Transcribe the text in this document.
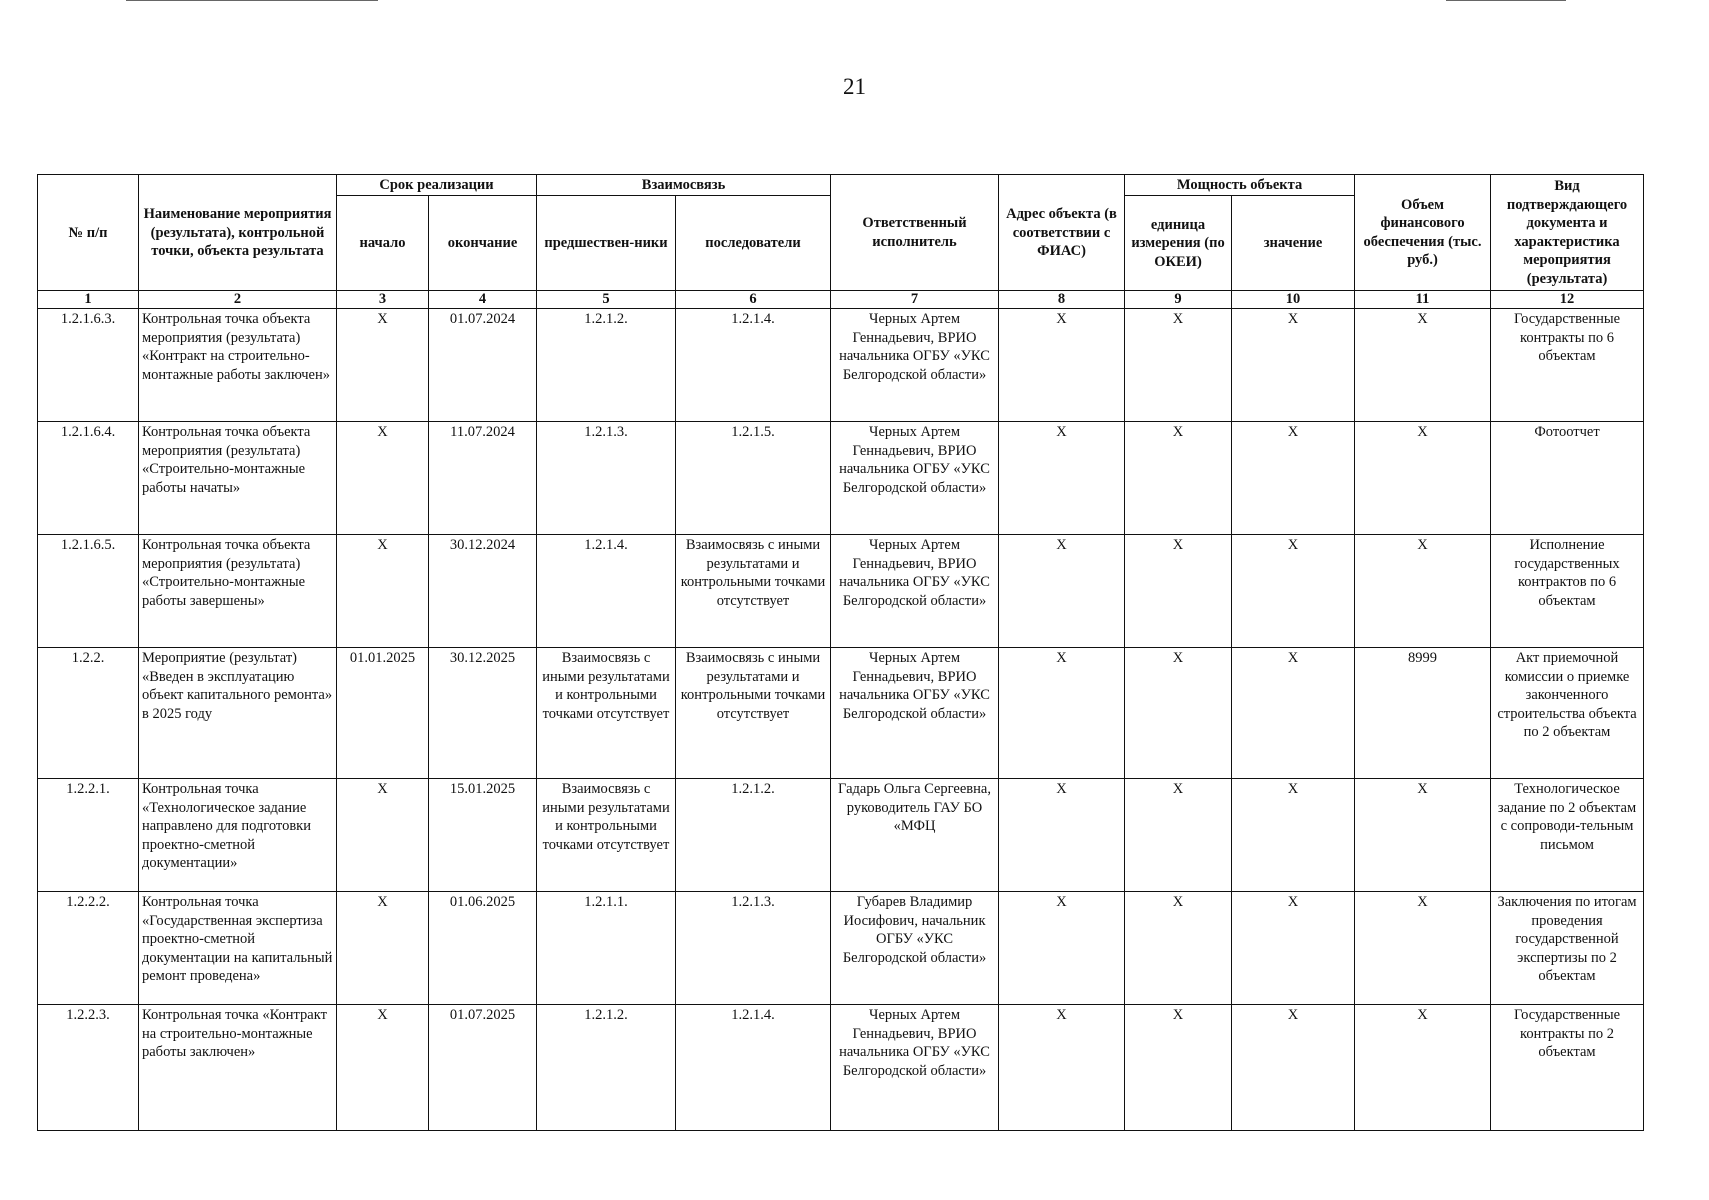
21
№ п/п	Наименование мероприятия (результата), контрольной точки, объекта результата	Срок реализации		Взаимосвязь		Ответственный исполнитель	Адрес объекта (в соответствии с ФИАС)	Мощность объекта		Объем финансового обеспечения (тыс. руб.)	Вид подтверждающего документа и характеристика мероприятия (результата)
		начало	окончание	предшествен-ники	последователи			единица измерения (по ОКЕИ)	значение		
1	2	3	4	5	6	7	8	9	10	11	12
1.2.1.6.3.	Контрольная точка объекта мероприятия (результата) «Контракт на строительно-монтажные работы заключен»	X	01.07.2024	1.2.1.2.	1.2.1.4.	Черных Артем Геннадьевич, ВРИО начальника ОГБУ «УКС Белгородской области»	X	X	X	X	Государственные контракты по 6 объектам
1.2.1.6.4.	Контрольная точка объекта мероприятия (результата) «Строительно-монтажные работы начаты»	X	11.07.2024	1.2.1.3.	1.2.1.5.	Черных Артем Геннадьевич, ВРИО начальника ОГБУ «УКС Белгородской области»	X	X	X	X	Фотоотчет
1.2.1.6.5.	Контрольная точка объекта мероприятия (результата) «Строительно-монтажные работы завершены»	X	30.12.2024	1.2.1.4.	Взаимосвязь с иными результатами и контрольными точками отсутствует	Черных Артем Геннадьевич, ВРИО начальника ОГБУ «УКС Белгородской области»	X	X	X	X	Исполнение государственных контрактов по 6 объектам
1.2.2.	Мероприятие (результат) «Введен в эксплуатацию объект капитального ремонта» в 2025 году	01.01.2025	30.12.2025	Взаимосвязь с иными результатами и контрольными точками отсутствует	Взаимосвязь с иными результатами и контрольными точками отсутствует	Черных Артем Геннадьевич, ВРИО начальника ОГБУ «УКС Белгородской области»	X	X	X	8999	Акт приемочной комиссии о приемке законченного строительства объекта по 2 объектам
1.2.2.1.	Контрольная точка «Технологическое задание направлено для подготовки проектно-сметной документации»	X	15.01.2025	Взаимосвязь с иными результатами и контрольными точками отсутствует	1.2.1.2.	Гадарь Ольга Сергеевна, руководитель ГАУ БО «МФЦ	X	X	X	X	Технологическое задание по 2 объектам с сопроводи-тельным письмом
1.2.2.2.	Контрольная точка «Государственная экспертиза проектно-сметной документации на капитальный ремонт проведена»	X	01.06.2025	1.2.1.1.	1.2.1.3.	Губарев Владимир Иосифович, начальник ОГБУ «УКС Белгородской области»	X	X	X	X	Заключения по итогам проведения государственной экспертизы по 2 объектам
1.2.2.3.	Контрольная точка «Контракт на строительно-монтажные работы заключен»	X	01.07.2025	1.2.1.2.	1.2.1.4.	Черных Артем Геннадьевич, ВРИО начальника ОГБУ «УКС Белгородской области»	X	X	X	X	Государственные контракты по 2 объектам
